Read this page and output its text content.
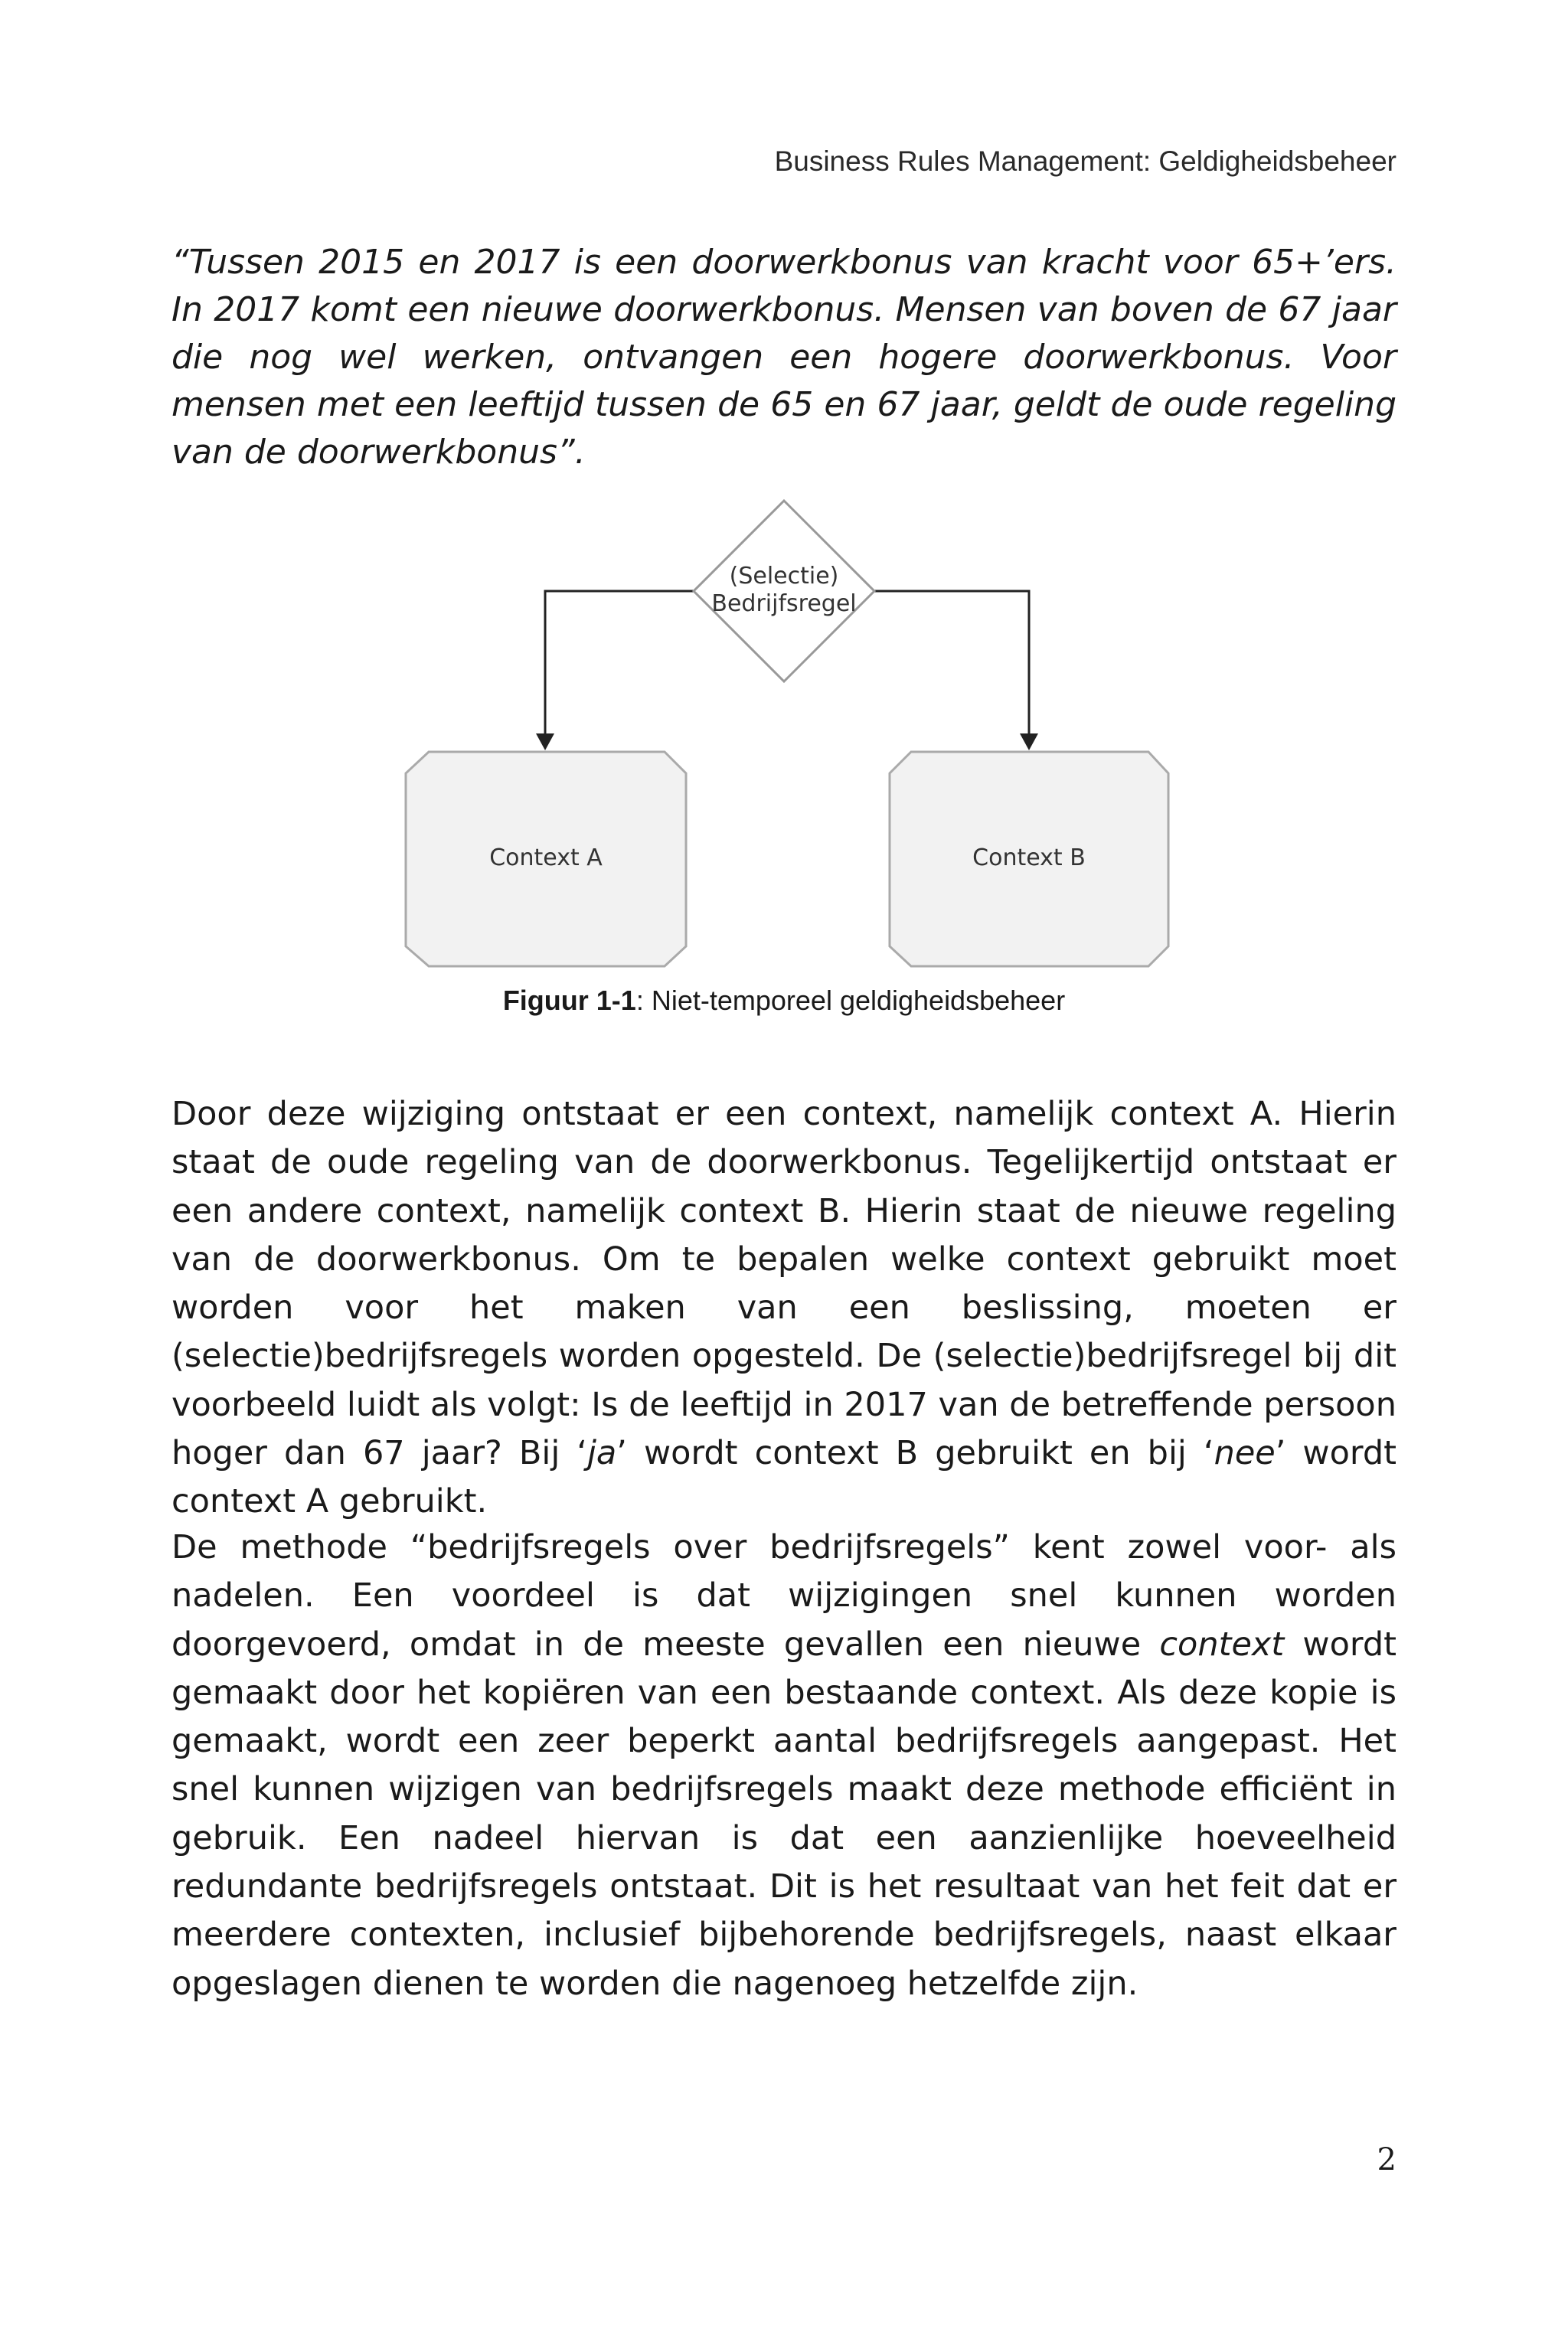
Business Rules Management: Geldigheidsbeheer

“Tussen 2015 en 2017 is een doorwerkbonus van kracht voor 65+’ers. In 2017 komt een nieuwe doorwerkbonus. Mensen van boven de 67 jaar die nog wel werken, ontvangen een hogere doorwerkbonus. Voor mensen met een leeftijd tussen de 65 en 67 jaar, geldt de oude regeling van de doorwerkbonus”.

(Selectie)
Bedrijfsregel
Context A	Context B
Figuur 1-1: Niet-temporeel geldigheidsbeheer

Door deze wijziging ontstaat er een context, namelijk context A. Hierin staat de oude regeling van de doorwerkbonus. Tegelijkertijd ontstaat er een andere context, namelijk context B. Hierin staat de nieuwe regeling van de doorwerkbonus. Om te bepalen welke context gebruikt moet worden voor het maken van een beslissing, moeten er (selectie)bedrijfsregels worden opgesteld. De (selectie)bedrijfsregel bij dit voorbeeld luidt als volgt: Is de leeftijd in 2017 van de betreffende persoon hoger dan 67 jaar? Bij ‘ja’ wordt context B gebruikt en bij ‘nee’ wordt context A gebruikt.

De methode “bedrijfsregels over bedrijfsregels” kent zowel voor- als nadelen. Een voordeel is dat wijzigingen snel kunnen worden doorgevoerd, omdat in de meeste gevallen een nieuwe context wordt gemaakt door het kopiëren van een bestaande context. Als deze kopie is gemaakt, wordt een zeer beperkt aantal bedrijfsregels aangepast. Het snel kunnen wijzigen van bedrijfsregels maakt deze methode efficiënt in gebruik. Een nadeel hiervan is dat een aanzienlijke hoeveelheid redundante bedrijfsregels ontstaat. Dit is het resultaat van het feit dat er meerdere contexten, inclusief bijbehorende bedrijfsregels, naast elkaar opgeslagen dienen te worden die nagenoeg hetzelfde zijn.

2
